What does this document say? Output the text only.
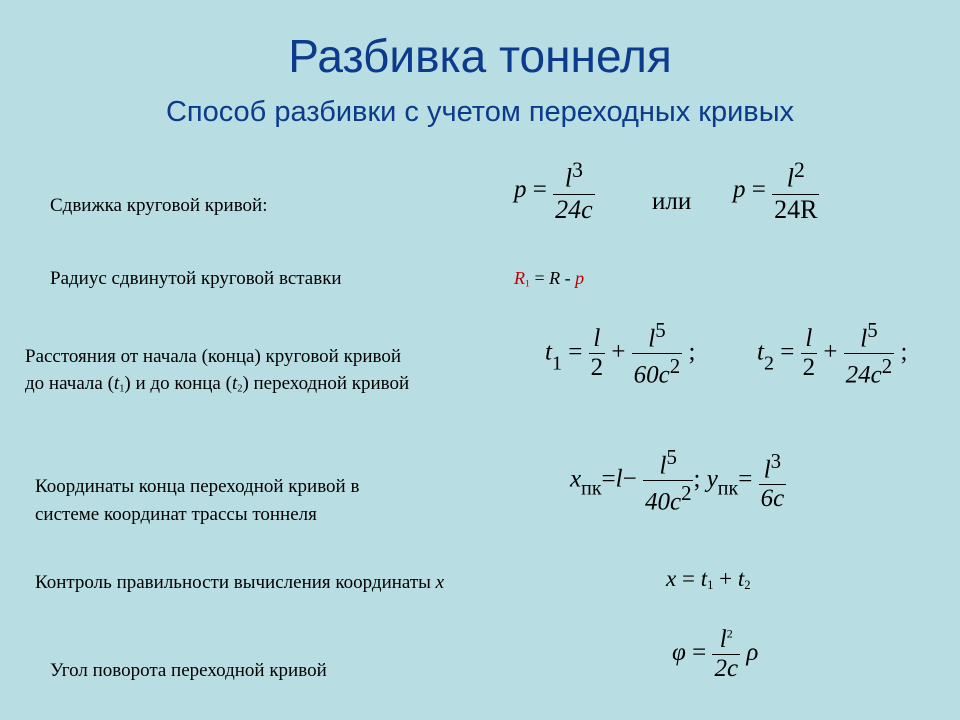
Разбивка тоннеля
Способ разбивки с учетом переходных кривых
Сдвижка круговой кривой:
$p = \frac{l^3}{24c}$ или $p = \frac{l^2}{24R}$
Радиус сдвинутой круговой вставки	$R_1 = R - p$
Расстояния от начала (конца) круговой кривой
до начала $(t_1)$ и до конца $(t_2)$ переходной кривой
$t_1 = \frac{l}{2} + \frac{l^5}{60c^2}$ ; $t_2 = \frac{l}{2} + \frac{l^5}{24c^2}$ ;
Координаты конца переходной кривой в
системе координат трассы тоннеля
$x_{пк}=l- \frac{l^5}{40c^2}$ ; $y_{пк}= \frac{l^3}{6c}$
Контроль правильности вычисления координаты x	$x = t_1 + t_2$
Угол поворота переходной кривой
$\varphi = \frac{l^2}{2c}$ ρ
